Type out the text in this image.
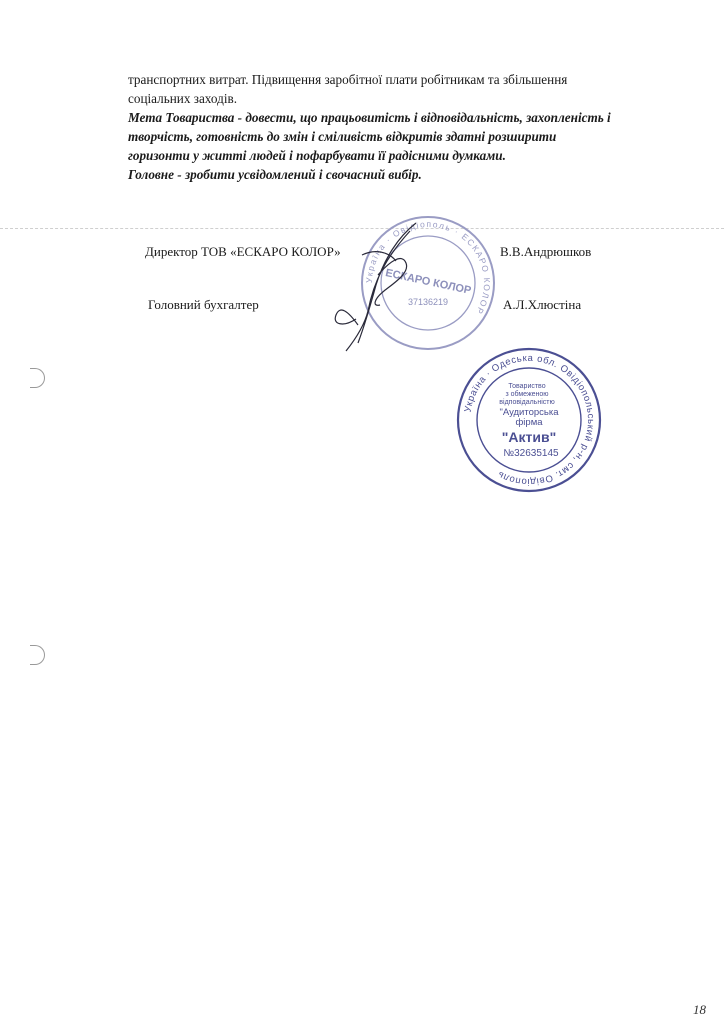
транспортних витрат. Підвищення заробітної плати робітникам та збільшення
соціальних заходів.
Мета Товариства - довести, що працьовитість і відповідальність, захопленість і
творчість, готовність до змін і сміливість відкритів здатні розширити
горизонти у житті людей і пофарбувати її радісними думками.
Головне - зробити усвідомлений і свочасний вибір.
Україна · Овідіополь · ЕСКАРО КОЛОР
ЕСКАРО КОЛОР
37136219
Директор ТОВ «ЕСКАРО КОЛОР»	В.В.Андрюшков
Головний бухгалтер	А.Л.Хлюстіна
Україна · Одеська обл. Овідіопольський р-н, смт. Овідіополь
Товариство
з обмеженою
відповідальністю
"Аудиторська
фірма
"Актив"
№32635145
18
